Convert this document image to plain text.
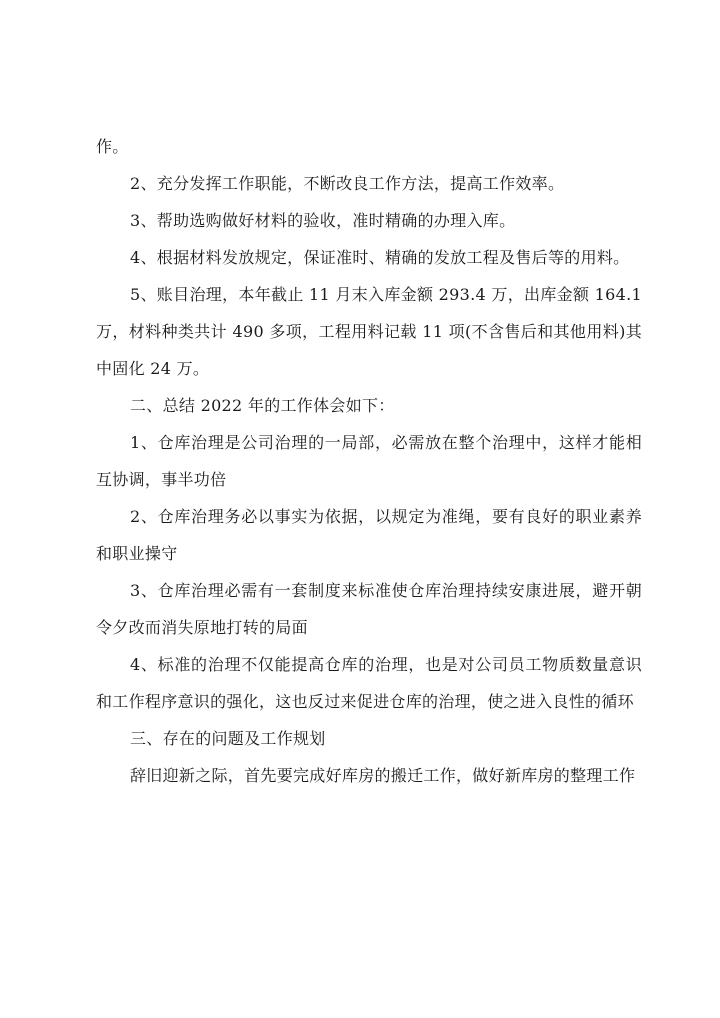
作。

2、充分发挥工作职能，不断改良工作方法，提高工作效率。

3、帮助选购做好材料的验收，准时精确的办理入库。

4、根据材料发放规定，保证准时、精确的发放工程及售后等的用料。

5、账目治理，本年截止 11 月末入库金额 293.4 万，出库金额 164.1 万，材料种类共计 490 多项，工程用料记载 11 项(不含售后和其他用料)其中固化 24 万。

二、总结 2022 年的工作体会如下：

1、仓库治理是公司治理的一局部，必需放在整个治理中，这样才能相互协调，事半功倍

2、仓库治理务必以事实为依据，以规定为准绳，要有良好的职业素养和职业操守

3、仓库治理必需有一套制度来标准使仓库治理持续安康进展，避开朝令夕改而消失原地打转的局面

4、标准的治理不仅能提高仓库的治理，也是对公司员工物质数量意识和工作程序意识的强化，这也反过来促进仓库的治理，使之进入良性的循环

三、存在的问题及工作规划

辞旧迎新之际，首先要完成好库房的搬迁工作，做好新库房的整理工作
